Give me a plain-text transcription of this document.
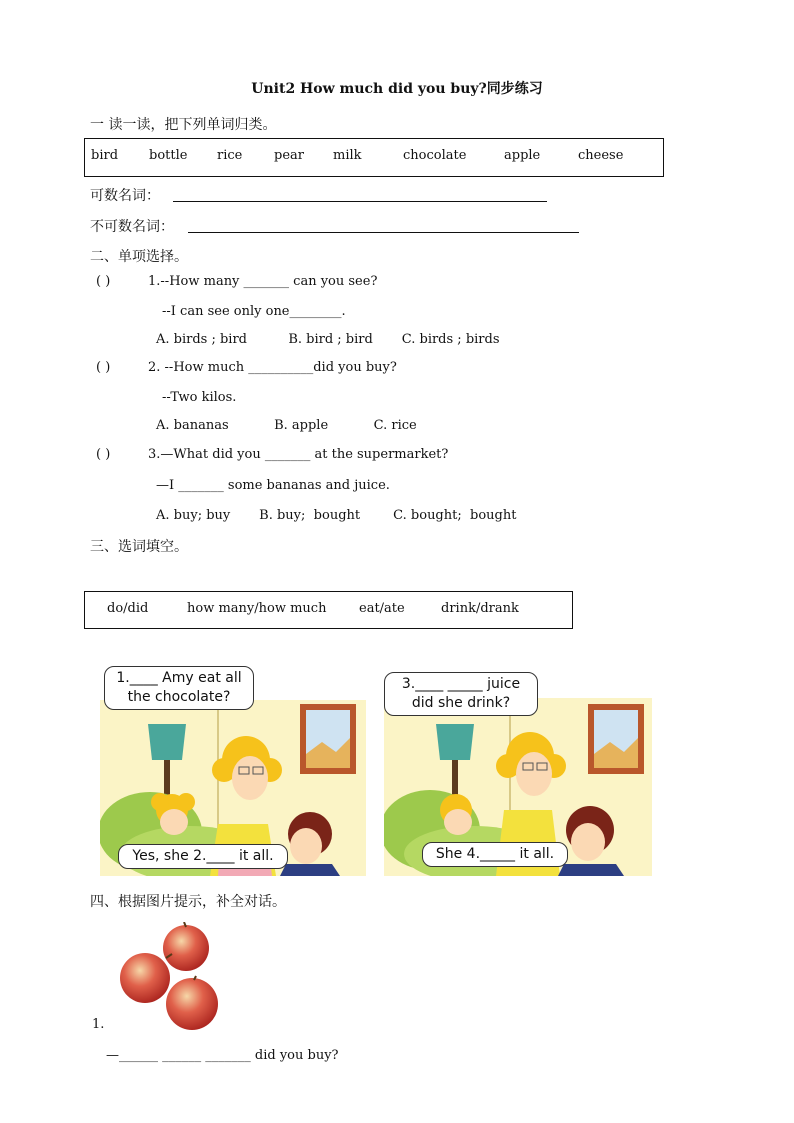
Unit2 How much did you buy?同步练习
一 读一读，把下列单词归类。
bird bottle rice pear milk	chocolate	apple	cheese
可数名词：
不可数名词：
二、单项选择。
( )	1.--How many _______ can you see?
--I can see only one________.
A. birds ; bird          B. bird ; bird       C. birds ; birds
( )	2. --How much __________did you buy?
--Two kilos.
A. bananas           B. apple           C. rice
( )	3.—What did you _______ at the supermarket?
—I _______ some bananas and juice.
A. buy; buy       B. buy;  bought        C. bought;  bought
三、选词填空。
do/did	how many/how much	eat/ate	drink/drank
1.____ Amy eat all the chocolate?
Yes, she 2.____ it all.
3.____ _____ juice did she drink?
She 4._____ it all.
四、根据图片提示，补全对话。
1.
—______ ______ _______ did you buy?
